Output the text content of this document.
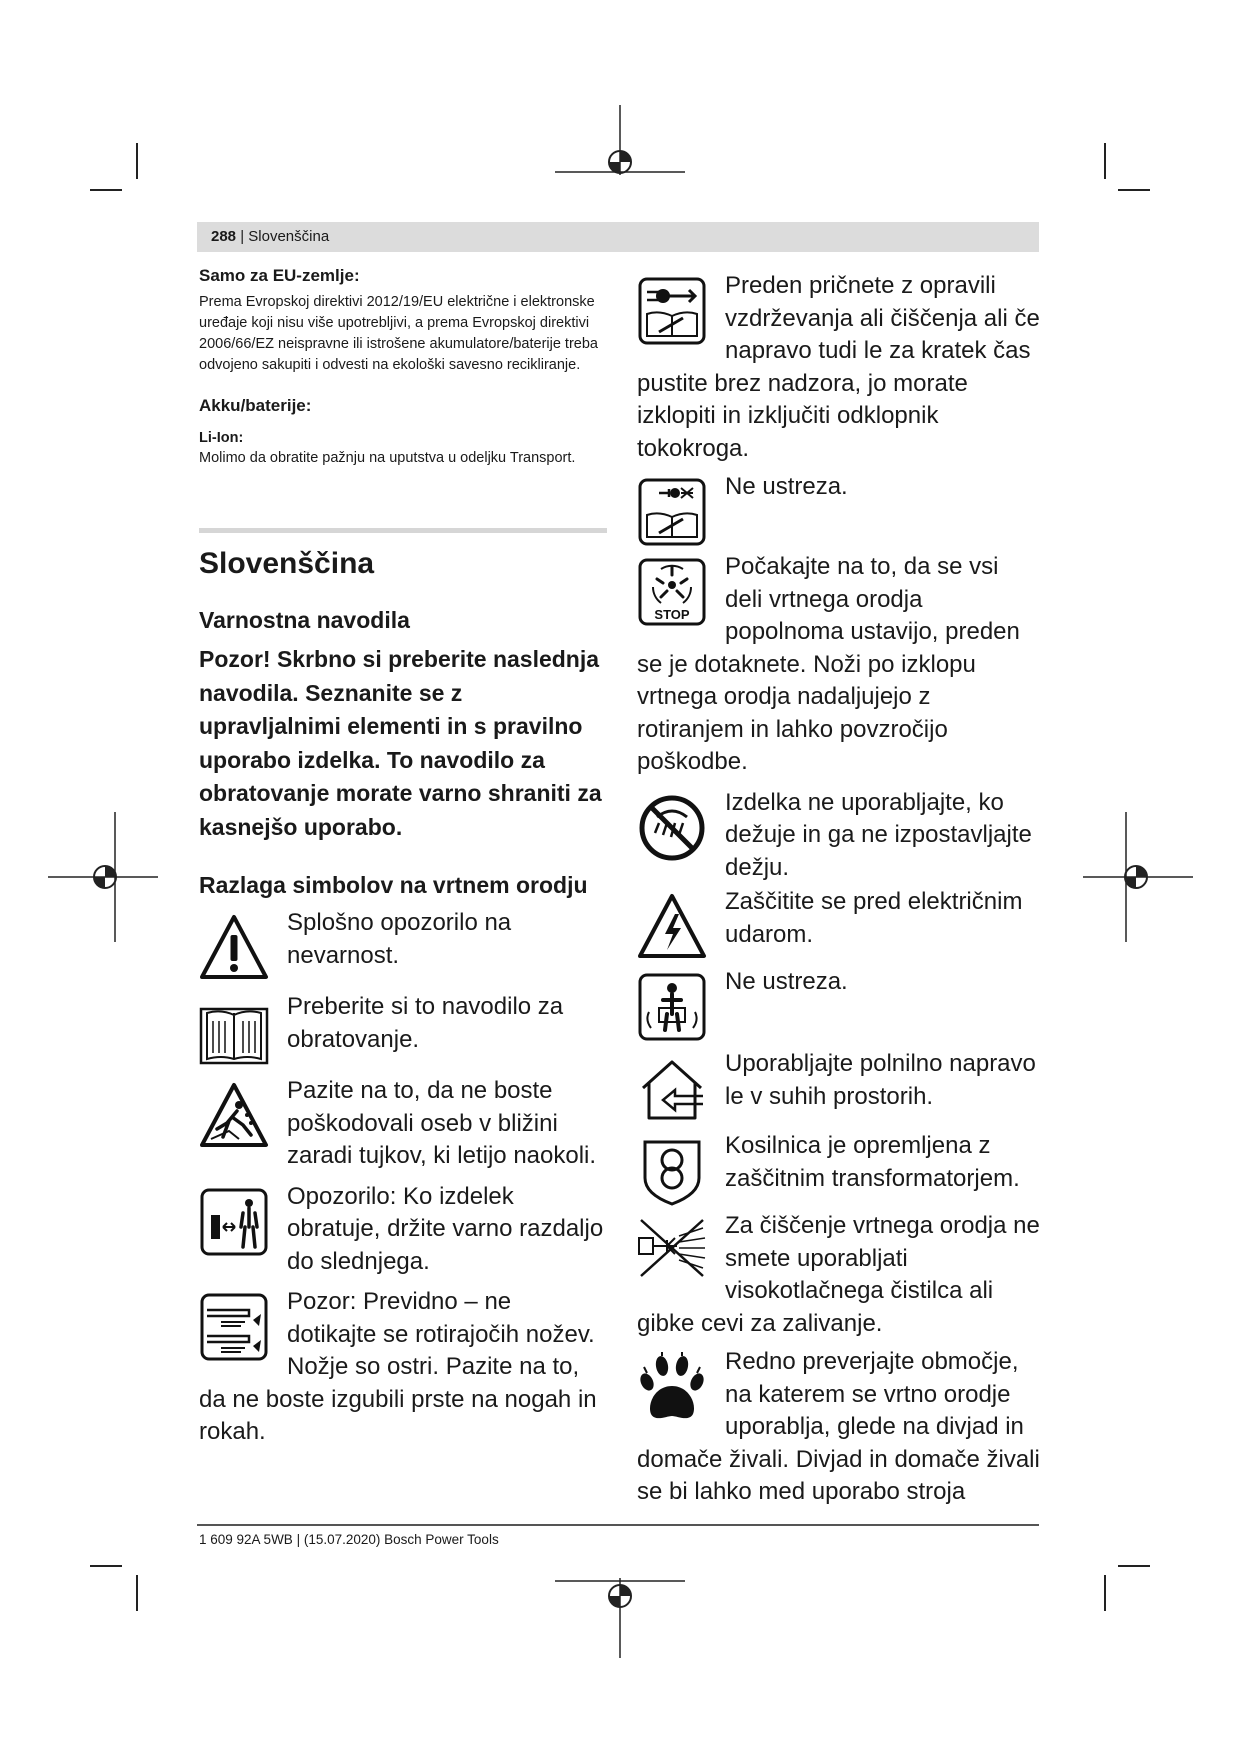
288 | Slovenščina

Samo za EU-zemlje:

Prema Evropskoj direktivi 2012/19/EU električne i elektronske uređaje koji nisu više upotrebljivi, a prema Evropskoj direktivi 2006/66/EZ neispravne ili istrošene akumulatore/baterije treba odvojeno sakupiti i odvesti na ekološki savesno recikliranje.

Akku/baterije:

Li-Ion:

Molimo da obratite pažnju na uputstva u odeljku Transport.

Slovenščina

Varnostna navodila

Pozor! Skrbno si preberite naslednja navodila. Seznanite se z upravljalnimi elementi in s pravilno uporabo izdelka. To navodilo za obratovanje morate varno shraniti za kasnejšo uporabo.

Razlaga simbolov na vrtnem orodju

Splošno opozorilo na nevarnost.
Preberite si to navodilo za obratovanje.
Pazite na to, da ne boste poškodovali oseb v bližini zaradi tujkov, ki letijo naokoli.
Opozorilo: Ko izdelek obratuje, držite varno razdaljo do slednjega.
Pozor: Previdno – ne dotikajte se rotirajočih nožev. Nožje so ostri. Pazite na to, da ne boste izgubili prste na nogah in rokah.
Preden pričnete z opravili vzdrževanja ali čiščenja ali če napravo tudi le za kratek čas pustite brez nadzora, jo morate izklopiti in izključiti odklopnik tokokroga.
Ne ustreza.
STOP
Počakajte na to, da se vsi deli vrtnega orodja popolnoma ustavijo, preden se je dotaknete. Noži po izklopu vrtnega orodja nadaljujejo z rotiranjem in lahko povzročijo poškodbe.
Izdelka ne uporabljajte, ko dežuje in ga ne izpostavljajte dežju.
Zaščitite se pred električnim udarom.
Ne ustreza.
Uporabljajte polnilno napravo le v suhih prostorih.
Kosilnica je opremljena z zaščitnim transformatorjem.
Za čiščenje vrtnega orodja ne smete uporabljati visokotlačnega čistilca ali gibke cevi za zalivanje.
Redno preverjajte območje, na katerem se vrtno orodje uporablja, glede na divjad in domače živali. Divjad in domače živali se bi lahko med uporabo stroja
1 609 92A 5WB | (15.07.2020) Bosch Power Tools
